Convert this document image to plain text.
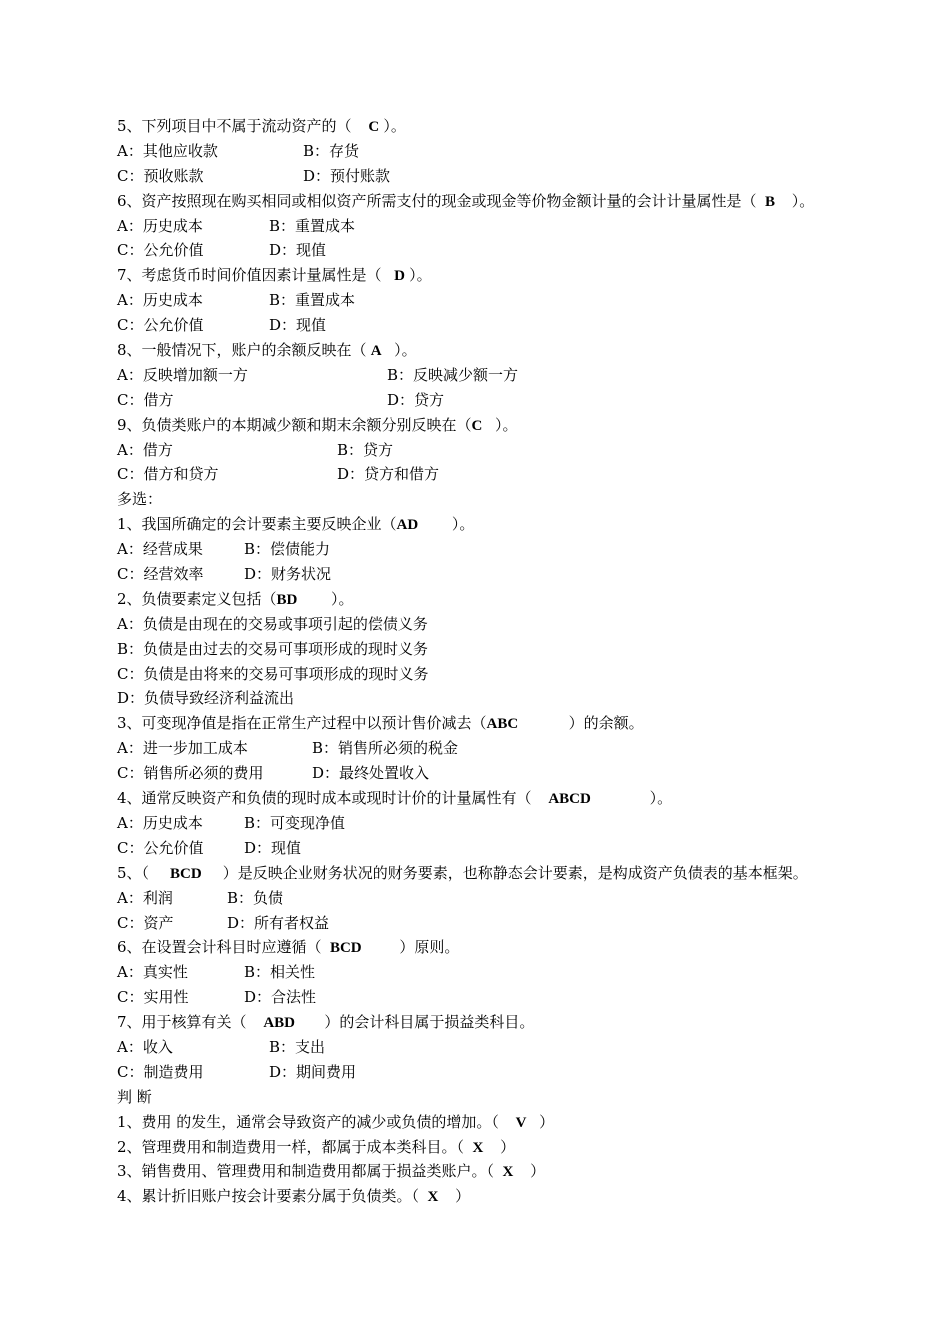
5、下列项目中不属于流动资产的（ C ）。
A：其他应收款	B：存货
C：预收账款	D：预付账款
6、资产按照现在购买相同或相似资产所需支付的现金或现金等价物金额计量的会计计量属性是（ B ）。
A：历史成本	B：重置成本
C：公允价值	D：现值
7、考虑货币时间价值因素计量属性是（ D ）。
A：历史成本	B：重置成本
C：公允价值	D：现值
8、一般情况下，账户的余额反映在（ A ）。
A：反映增加额一方	B：反映减少额一方
C：借方	D：贷方
9、负债类账户的本期减少额和期末余额分别反映在（C ）。
A：借方	B：贷方
C：借方和贷方	D：贷方和借方
多选：
1、我国所确定的会计要素主要反映企业（AD ）。
A：经营成果	B：偿债能力
C：经营效率	D：财务状况
2、负债要素定义包括（BD ）。
A：负债是由现在的交易或事项引起的偿债义务
B：负债是由过去的交易可事项形成的现时义务
C：负债是由将来的交易可事项形成的现时义务
D：负债导致经济利益流出
3、可变现净值是指在正常生产过程中以预计售价减去（ABC	）的余额。
A：进一步加工成本	B：销售所必须的税金
C：销售所必须的费用	D：最终处置收入
4、通常反映资产和负债的现时成本或现时计价的计量属性有（ ABCD	）。
A：历史成本	B：可变现净值
C：公允价值	D：现值
5、（ BCD ）是反映企业财务状况的财务要素，也称静态会计要素，是构成资产负债表的基本框架。
A：利润	B：负债
C：资产	D：所有者权益
6、在设置会计科目时应遵循（ BCD	）原则。
A：真实性	B：相关性
C：实用性	D：合法性
7、用于核算有关（ ABD ）的会计科目属于损益类科目。
A：收入	B：支出
C：制造费用	D：期间费用
判 断
1、费用 的发生，通常会导致资产的减少或负债的增加。（ V ）
2、管理费用和制造费用一样，都属于成本类科目。（ X ）
3、销售费用、管理费用和制造费用都属于损益类账户。（ X ）
4、累计折旧账户按会计要素分属于负债类。（ X ）
